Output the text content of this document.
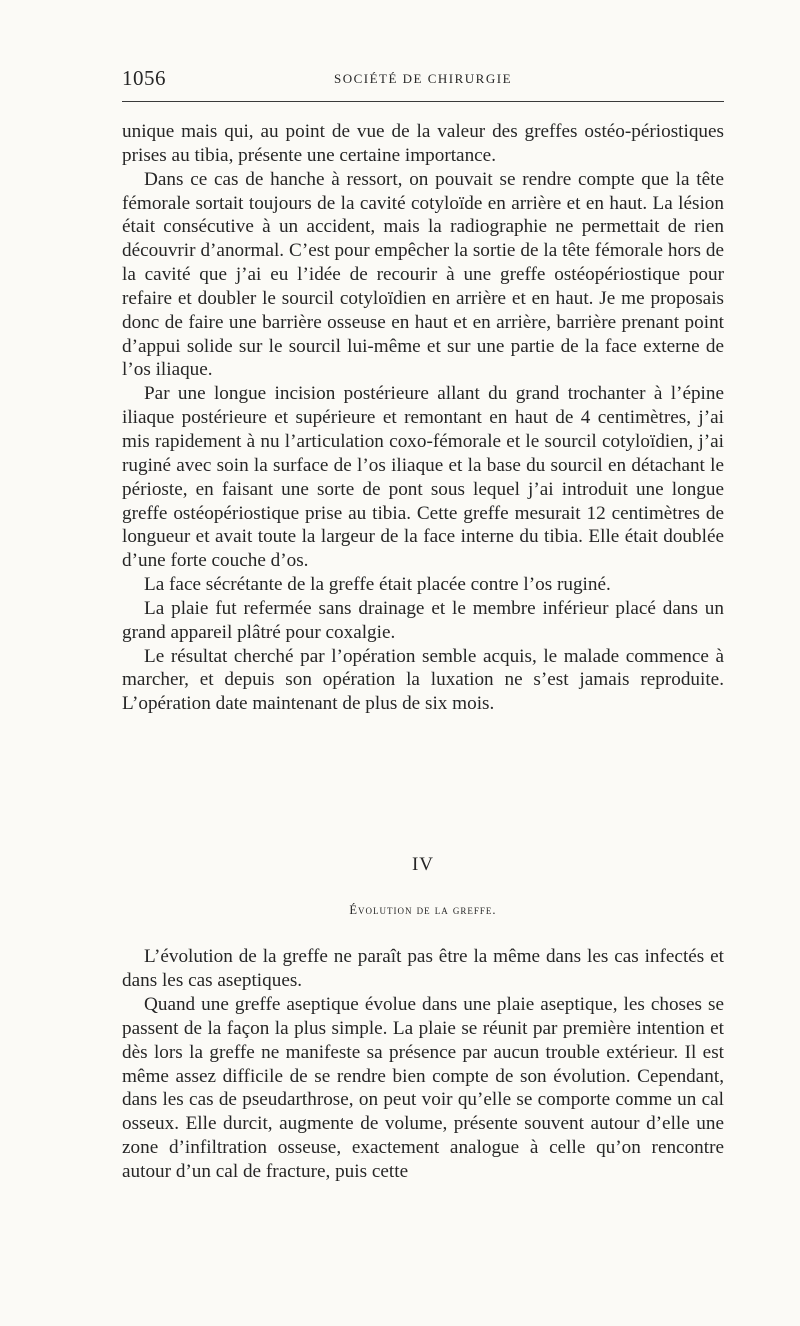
1056	SOCIÉTÉ DE CHIRURGIE

unique mais qui, au point de vue de la valeur des greffes ostéo-périostiques prises au tibia, présente une certaine importance.

Dans ce cas de hanche à ressort, on pouvait se rendre compte que la tête fémorale sortait toujours de la cavité cotyloïde en arrière et en haut. La lésion était consécutive à un accident, mais la radiographie ne permettait de rien découvrir d’anormal. C’est pour empêcher la sortie de la tête fémorale hors de la cavité que j’ai eu l’idée de recourir à une greffe ostéopériostique pour refaire et doubler le sourcil cotyloïdien en arrière et en haut. Je me proposais donc de faire une barrière osseuse en haut et en arrière, barrière prenant point d’appui solide sur le sourcil lui-même et sur une partie de la face externe de l’os iliaque.

Par une longue incision postérieure allant du grand trochanter à l’épine iliaque postérieure et supérieure et remontant en haut de 4 centimètres, j’ai mis rapidement à nu l’articulation coxo-fémorale et le sourcil cotyloïdien, j’ai ruginé avec soin la surface de l’os iliaque et la base du sourcil en détachant le périoste, en faisant une sorte de pont sous lequel j’ai introduit une longue greffe ostéopériostique prise au tibia. Cette greffe mesurait 12 centimètres de longueur et avait toute la largeur de la face interne du tibia. Elle était doublée d’une forte couche d’os.

La face sécrétante de la greffe était placée contre l’os ruginé.

La plaie fut refermée sans drainage et le membre inférieur placé dans un grand appareil plâtré pour coxalgie.

Le résultat cherché par l’opération semble acquis, le malade commence à marcher, et depuis son opération la luxation ne s’est jamais reproduite. L’opération date maintenant de plus de six mois.

IV
Évolution de la greffe.

L’évolution de la greffe ne paraît pas être la même dans les cas infectés et dans les cas aseptiques.

Quand une greffe aseptique évolue dans une plaie aseptique, les choses se passent de la façon la plus simple. La plaie se réunit par première intention et dès lors la greffe ne manifeste sa présence par aucun trouble extérieur. Il est même assez difficile de se rendre bien compte de son évolution. Cependant, dans les cas de pseudarthrose, on peut voir qu’elle se comporte comme un cal osseux. Elle durcit, augmente de volume, présente souvent autour d’elle une zone d’infiltration osseuse, exactement analogue à celle qu’on rencontre autour d’un cal de fracture, puis cette
